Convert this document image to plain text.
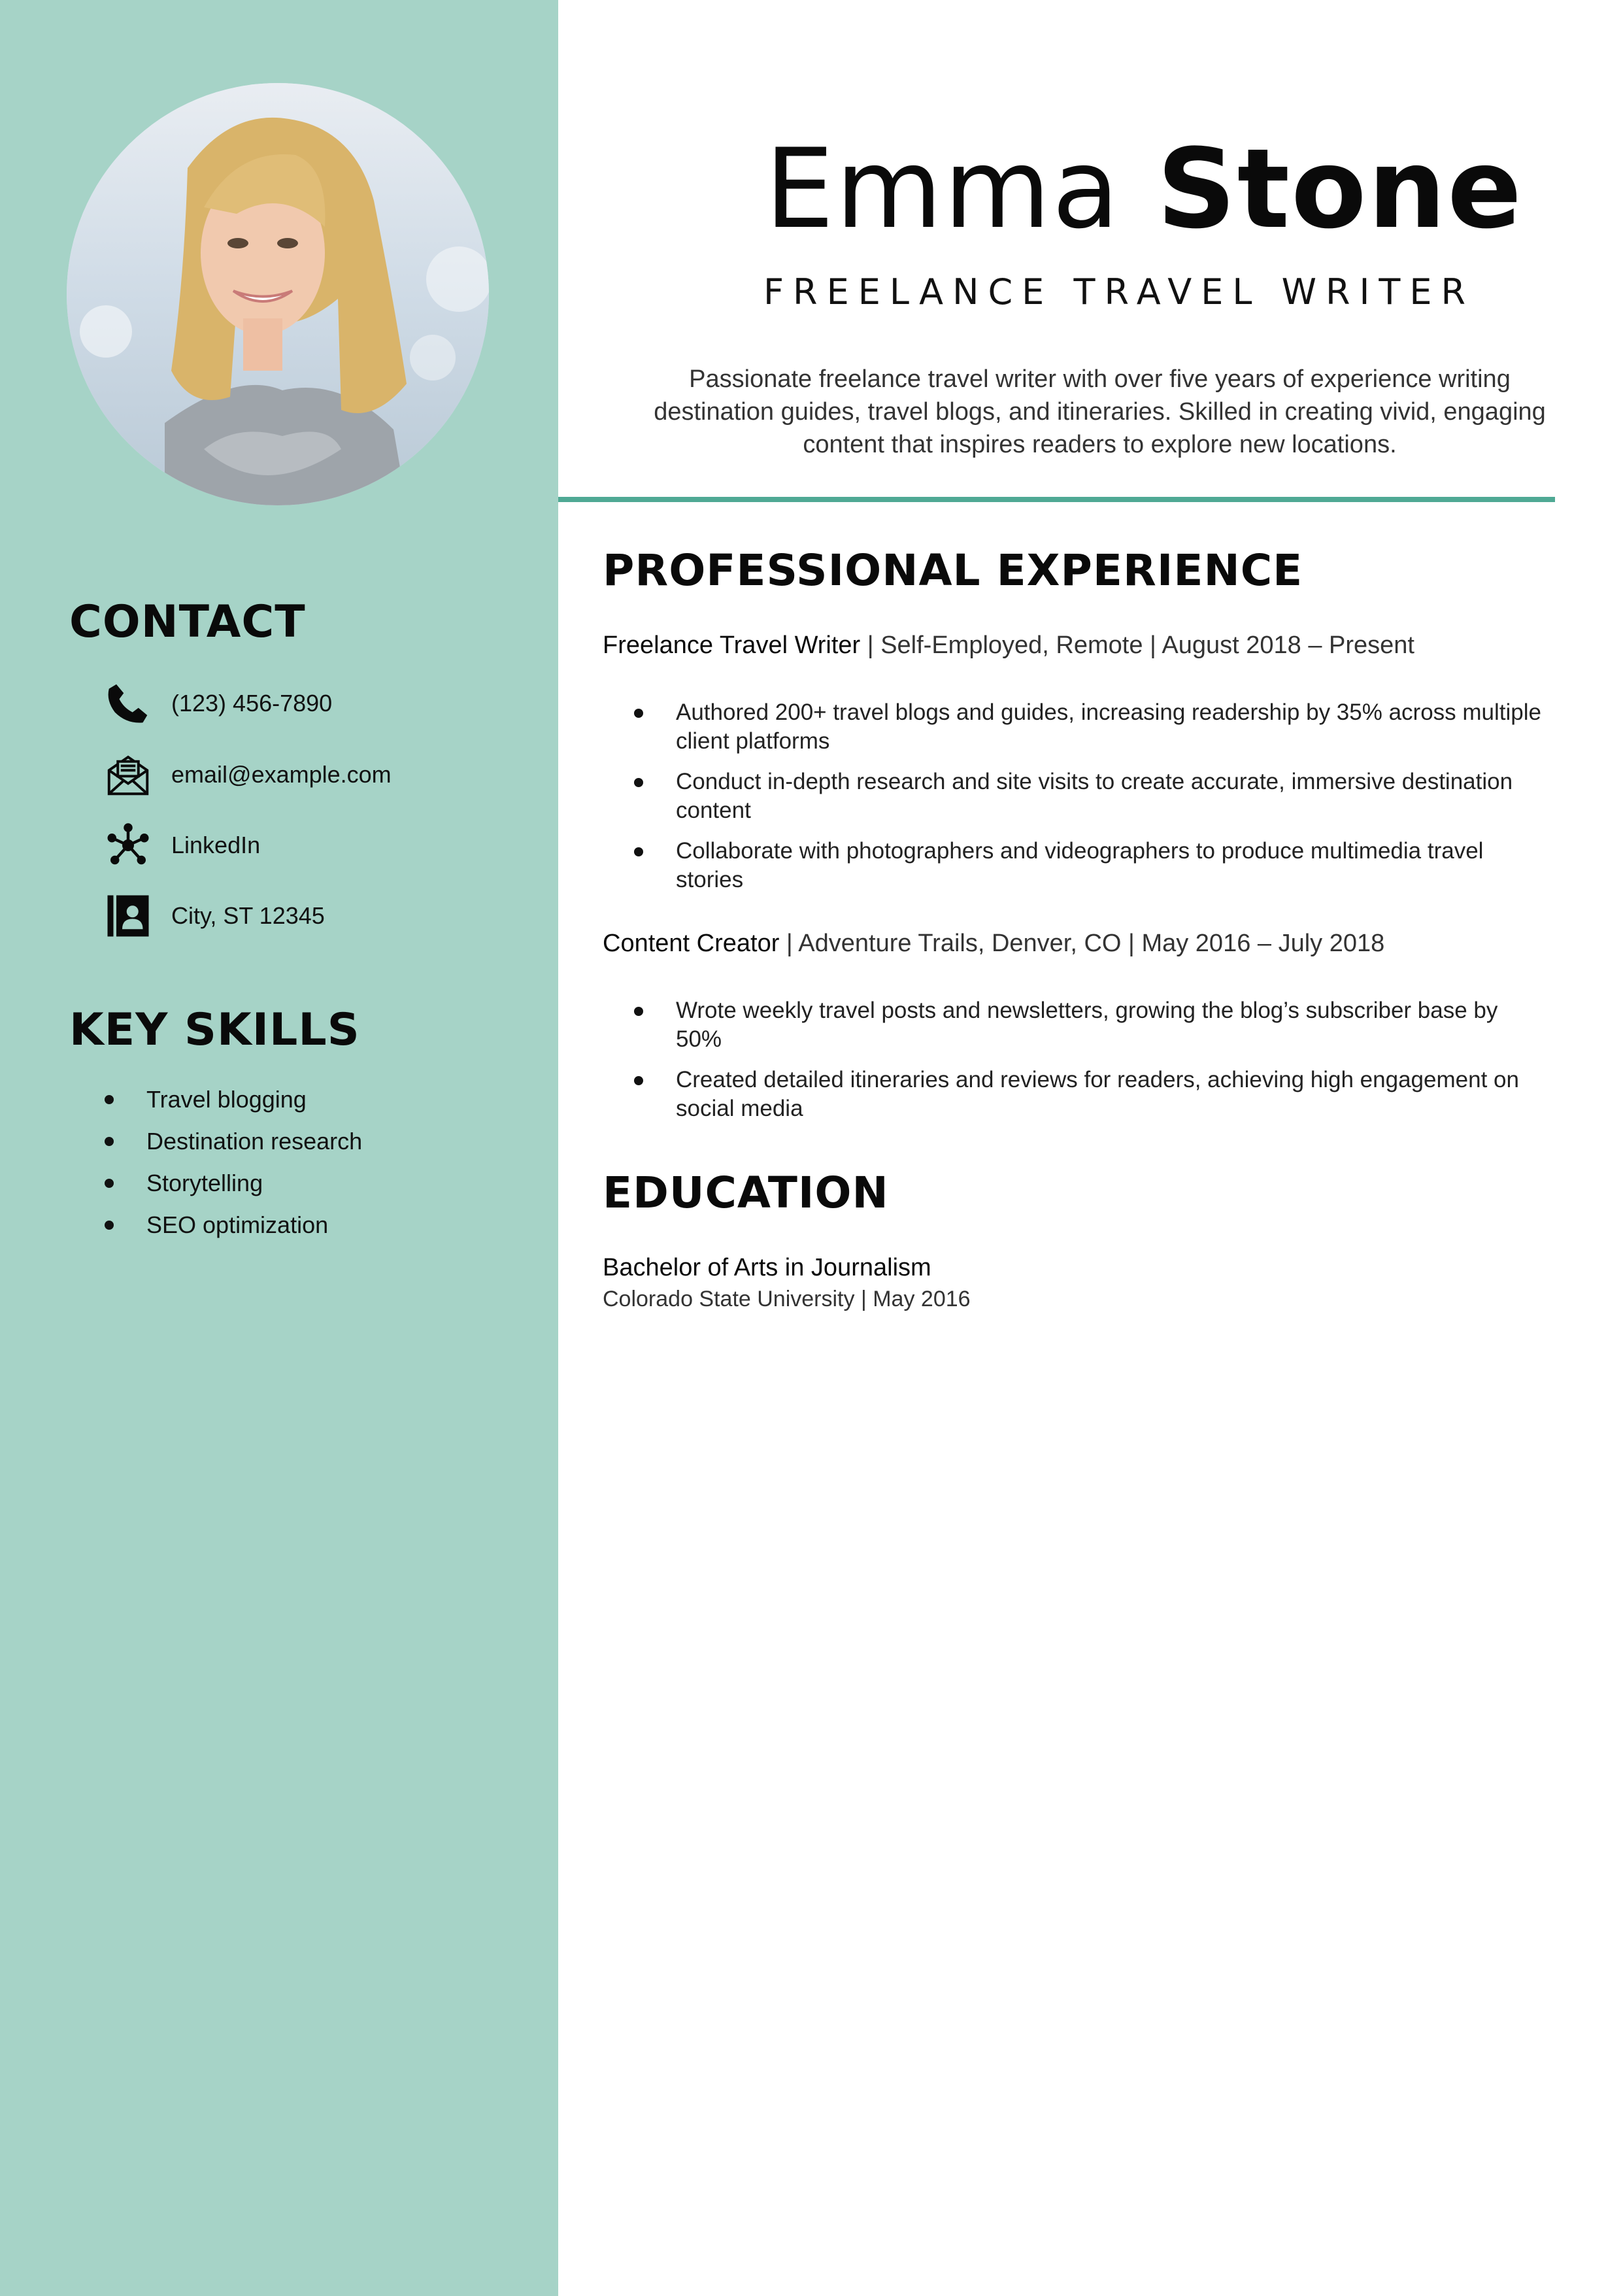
CONTACT
(123) 456-7890
email@example.com
LinkedIn
City, ST 12345
KEY SKILLS
Travel blogging
Destination research
Storytelling
SEO optimization
Emma Stone
FREELANCE TRAVEL WRITER

Passionate freelance travel writer with over five years of experience writing destination guides, travel blogs, and itineraries. Skilled in creating vivid, engaging content that inspires readers to explore new locations.

PROFESSIONAL EXPERIENCE
Freelance Travel Writer | Self-Employed, Remote | August 2018 – Present
Authored 200+ travel blogs and guides, increasing readership by 35% across multiple client platforms
Conduct in-depth research and site visits to create accurate, immersive destination content
Collaborate with photographers and videographers to produce multimedia travel stories
Content Creator | Adventure Trails, Denver, CO | May 2016 – July 2018
Wrote weekly travel posts and newsletters, growing the blog’s subscriber base by 50%
Created detailed itineraries and reviews for readers, achieving high engagement on social media
EDUCATION
Bachelor of Arts in Journalism
Colorado State University | May 2016
